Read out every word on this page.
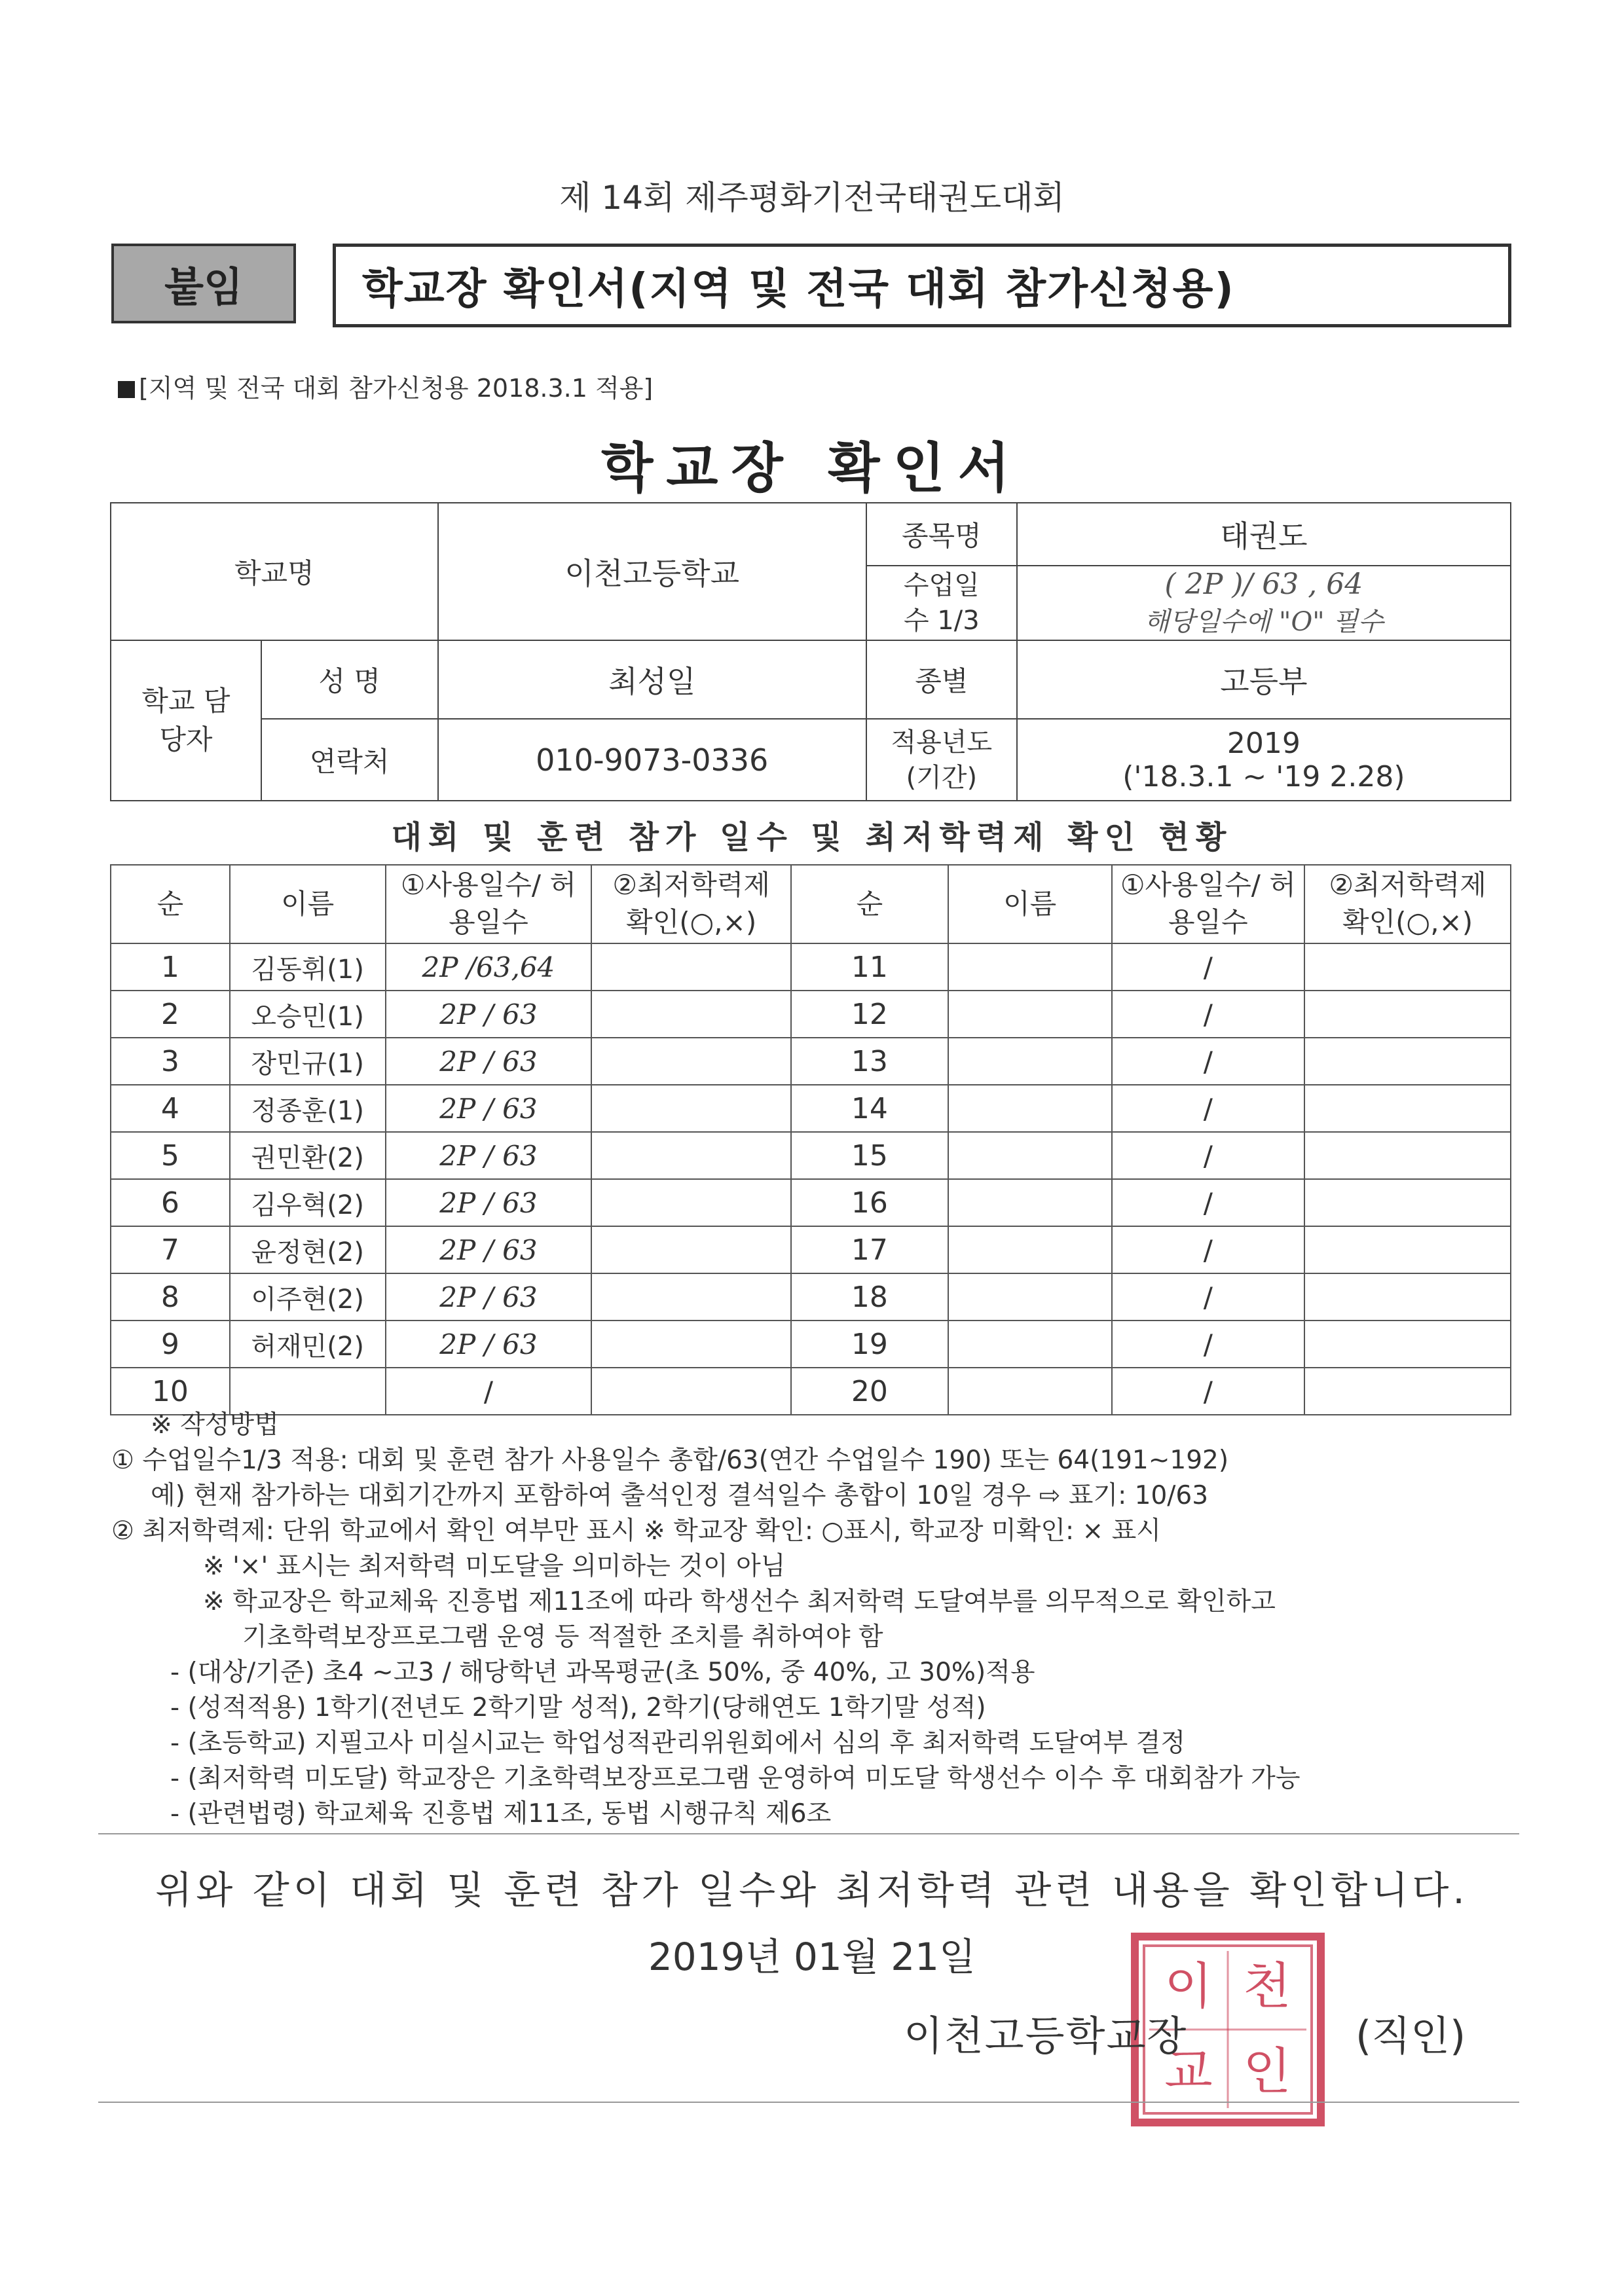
제 14회 제주평화기전국태권도대회
붙임	학교장 확인서(지역 및 전국 대회 참가신청용)
[지역 및 전국 대회 참가신청용 2018.3.1 적용]
학교장 확인서
학교명		이천고등학교	종목명	태권도
			수업일수 1/3	( 2P )/ 63 , 64
해당일수에 "O" 필수

학교 담당자	성 명	최성일	종별	고등부
	연락처	010-9073-0336	적용년도 (기간)	2019
('18.3.1 ~ '19 2.28)
대회 및 훈련 참가 일수 및 최저학력제 확인 현황
순	이름	①사용일수/ 허용일수	②최저학력제 확인(○,×)	순	이름	①사용일수/ 허용일수	②최저학력제 확인(○,×)
1	김동휘(1)	2P /63,64		11		/	
2	오승민(1)	2P / 63		12		/	
3	장민규(1)	2P / 63		13		/	
4	정종훈(1)	2P / 63		14		/	
5	권민환(2)	2P / 63		15		/	
6	김우혁(2)	2P / 63		16		/	
7	윤정현(2)	2P / 63		17		/	
8	이주현(2)	2P / 63		18		/	
9	허재민(2)	2P / 63		19		/	
10		/		20		/	
※ 작성방법
① 수업일수1/3 적용: 대회 및 훈련 참가 사용일수 총합/63(연간 수업일수 190) 또는 64(191~192)
예) 현재 참가하는 대회기간까지 포함하여 출석인정 결석일수 총합이 10일 경우 ⇨ 표기: 10/63
② 최저학력제: 단위 학교에서 확인 여부만 표시 ※ 학교장 확인: ○표시, 학교장 미확인: × 표시
※ '×' 표시는 최저학력 미도달을 의미하는 것이 아님
※ 학교장은 학교체육 진흥법 제11조에 따라 학생선수 최저학력 도달여부를 의무적으로 확인하고
기초학력보장프로그램 운영 등 적절한 조치를 취하여야 함
- (대상/기준) 초4 ~고3 / 해당학년 과목평균(초 50%, 중 40%, 고 30%)적용
- (성적적용) 1학기(전년도 2학기말 성적), 2학기(당해연도 1학기말 성적)
- (초등학교) 지필고사 미실시교는 학업성적관리위원회에서 심의 후 최저학력 도달여부 결정
- (최저학력 미도달) 학교장은 기초학력보장프로그램 운영하여 미도달 학생선수 이수 후 대회참가 가능
- (관련법령) 학교체육 진흥법 제11조, 동법 시행규칙 제6조
위와 같이 대회 및 훈련 참가 일수와 최저학력 관련 내용을 확인합니다.
2019년 01월 21일	이 천
교 인
이천고등학교장	(직인)
